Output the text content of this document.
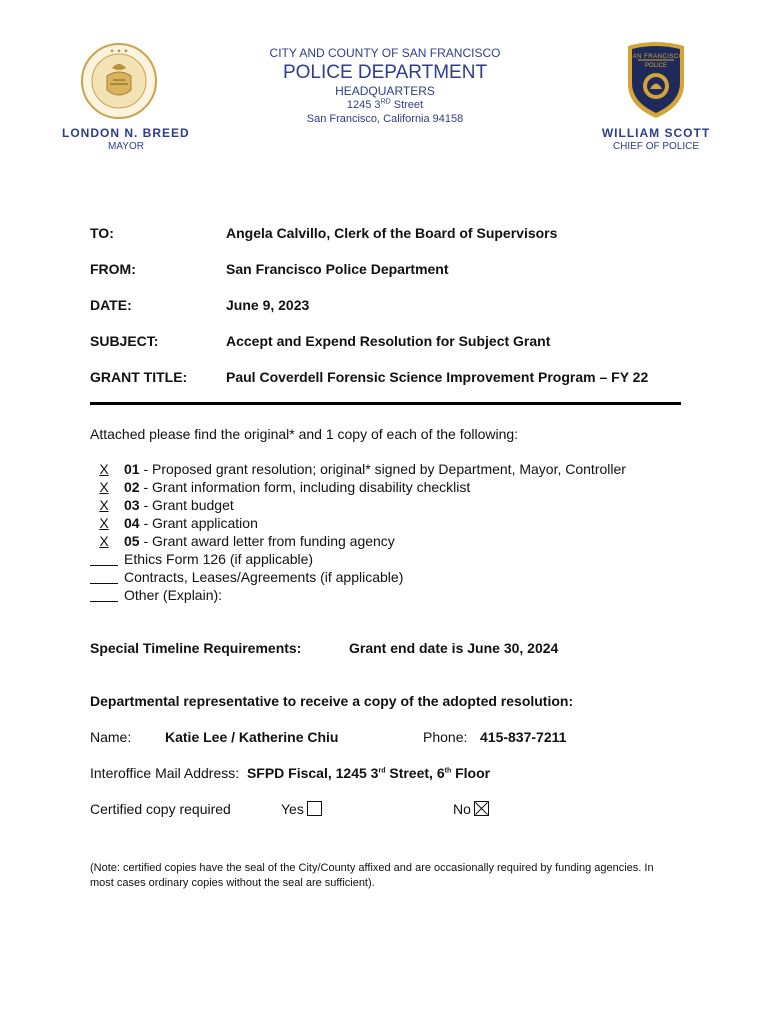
✦ ✦ ✦
SAN FRANCISCO
POLICE
CITY AND COUNTY OF SAN FRANCISCO
POLICE DEPARTMENT
HEADQUARTERS
1245 3RD Street
San Francisco, California 94158
LONDON N. BREED
MAYOR
WILLIAM SCOTT
CHIEF OF POLICE
TO:	Angela Calvillo, Clerk of the Board of Supervisors
FROM:	San Francisco Police Department
DATE:	June 9, 2023
SUBJECT:	Accept and Expend Resolution for Subject Grant
GRANT TITLE:	Paul Coverdell Forensic Science Improvement Program – FY 22
Attached please find the original* and 1 copy of each of the following:
X	01 - Proposed grant resolution; original* signed by Department, Mayor, Controller
X	02 - Grant information form, including disability checklist
X	03 - Grant budget
X	04 - Grant application
X	05 - Grant award letter from funding agency
Ethics Form 126 (if applicable)
Contracts, Leases/Agreements (if applicable)
Other (Explain):
Special Timeline Requirements:	Grant end date is June 30, 2024
Departmental representative to receive a copy of the adopted resolution:
Name: Katie Lee / Katherine Chiu	Phone: 415-837-7211
Interoffice Mail Address: SFPD Fiscal, 1245 3rd Street, 6th Floor
Certified copy required	Yes	No
(Note: certified copies have the seal of the City/County affixed and are occasionally required by funding agencies. In most cases ordinary copies without the seal are sufficient).
